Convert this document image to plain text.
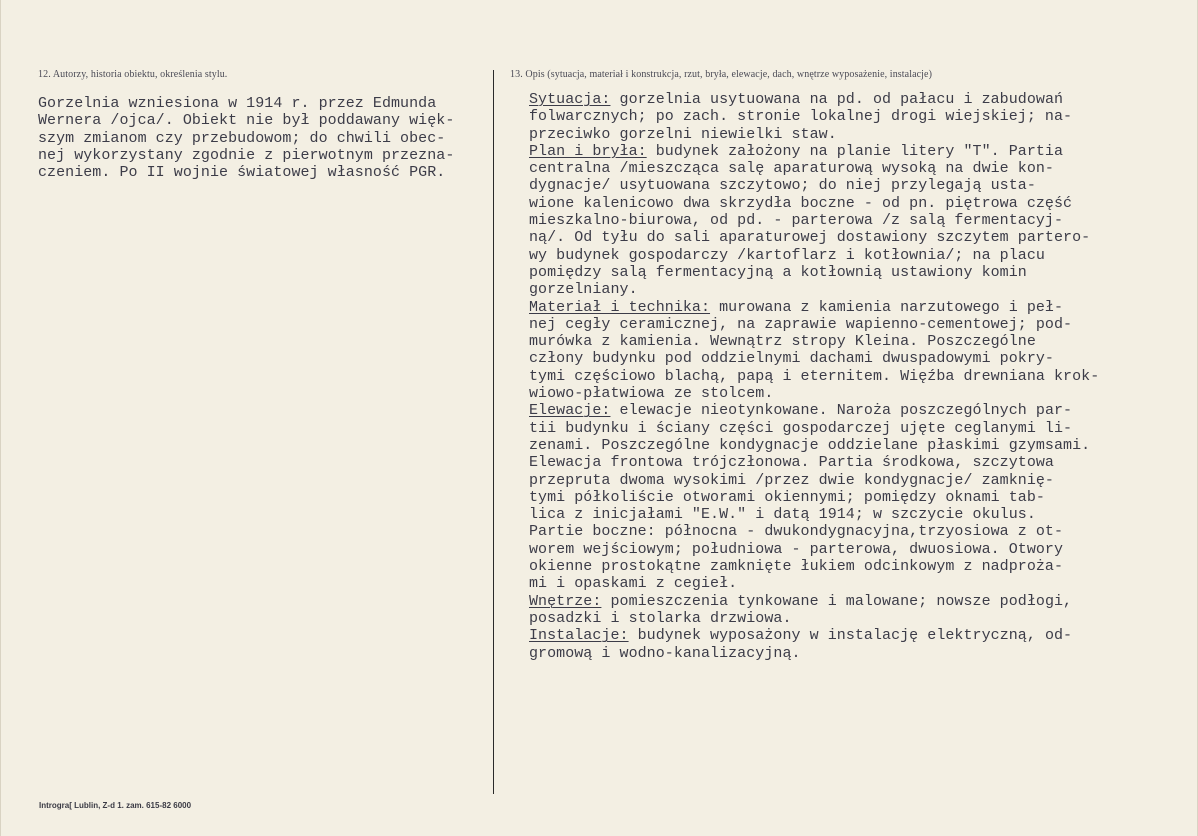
12. Autorzy, historia obiektu, określenia stylu.	13. Opis (sytuacja, materiał i konstrukcja, rzut, bryła, elewacje, dach, wnętrze wyposażenie, instalacje)
Gorzelnia wzniesiona w 1914 r. przez Edmunda
Wernera /ojca/. Obiekt nie był poddawany więk-
szym zmianom czy przebudowom; do chwili obec-
nej wykorzystany zgodnie z pierwotnym przezna-
czeniem. Po II wojnie światowej własność PGR.
Sytuacja: gorzelnia usytuowana na pd. od pałacu i zabudowań
folwarcznych; po zach. stronie lokalnej drogi wiejskiej; na-
przeciwko gorzelni niewielki staw.
Plan i bryła: budynek założony na planie litery "T". Partia
centralna /mieszcząca salę aparaturową wysoką na dwie kon-
dygnacje/ usytuowana szczytowo; do niej przylegają usta-
wione kalenicowo dwa skrzydła boczne - od pn. piętrowa część
mieszkalno-biurowa, od pd. - parterowa /z salą fermentacyj-
ną/. Od tyłu do sali aparaturowej dostawiony szczytem partero-
wy budynek gospodarczy /kartoflarz i kotłownia/; na placu
pomiędzy salą fermentacyjną a kotłownią ustawiony komin
gorzelniany.
Materiał i technika: murowana z kamienia narzutowego i peł-
nej cegły ceramicznej, na zaprawie wapienno-cementowej; pod-
murówka z kamienia. Wewnątrz stropy Kleina. Poszczególne
człony budynku pod oddzielnymi dachami dwuspadowymi pokry-
tymi częściowo blachą, papą i eternitem. Więźba drewniana krok-
wiowo-płatwiowa ze stolcem.
Elewacje: elewacje nieotynkowane. Naroża poszczególnych par-
tii budynku i ściany części gospodarczej ujęte ceglanymi li-
zenami. Poszczególne kondygnacje oddzielane płaskimi gzymsami.
Elewacja frontowa trójczłonowa. Partia środkowa, szczytowa
przepruta dwoma wysokimi /przez dwie kondygnacje/ zamknię-
tymi półkoliście otworami okiennymi; pomiędzy oknami tab-
lica z inicjałami "E.W." i datą 1914; w szczycie okulus.
Partie boczne: północna - dwukondygnacyjna,trzyosiowa z ot-
worem wejściowym; południowa - parterowa, dwuosiowa. Otwory
okienne prostokątne zamknięte łukiem odcinkowym z nadproża-
mi i opaskami z cegieł.
Wnętrze: pomieszczenia tynkowane i malowane; nowsze podłogi,
posadzki i stolarka drzwiowa.
Instalacje: budynek wyposażony w instalację elektryczną, od-
gromową i wodno-kanalizacyjną.
Introgra[ Lublin, Z-d 1. zam. 615-82 6000
